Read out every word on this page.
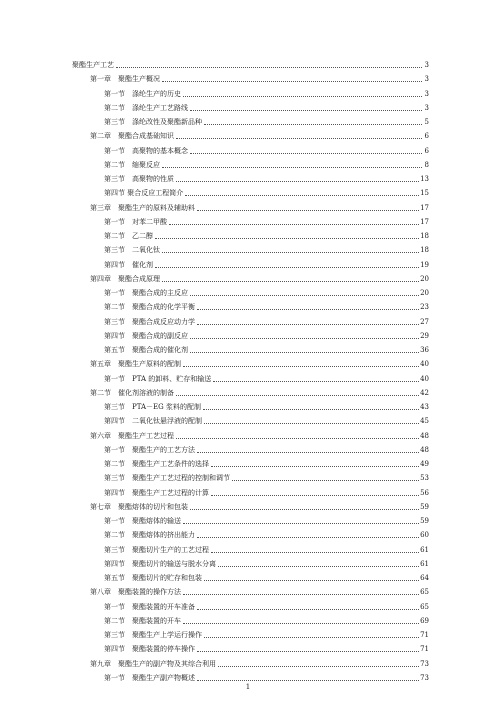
聚酯生产工艺	3
第一章　聚酯生产概况	3
第一节　涤纶生产的历史	3
第二节　涤纶生产工艺路线	3
第三节　涤纶改性及聚酯新品种	5
第二章　聚酯合成基础知识	6
第一节　高聚物的基本概念	6
第二节　缩聚反应	8
第三节　高聚物的性质	13
第四节 聚合反应工程简介	15
第三章　聚酯生产的原料及辅助料	17
第一节　对苯二甲酸	17
第二节　乙二醇	18
第三节　二氧化钛	18
第四节　催化剂	19
第四章　聚酯合成原理	20
第一节　聚酯合成的主反应	20
第二节　聚酯合成的化学平衡	23
第三节　聚酯合成反应动力学	27
第四节　聚酯合成的副反应	29
第五节　聚酯合成的催化剂	36
第五章　聚酯生产原料的配制	40
第一节　PTA 的卸料、贮存和输送	40
第二节　催化剂溶液的制备	42
第三节　PTA－EG 浆料的配制	43
第四节　二氧化钛悬浮液的配制	45
第六章　聚酯生产工艺过程	48
第一节　聚酯生产的工艺方法	48
第二节　聚酯生产工艺条件的选择	49
第三节　聚酯生产工艺过程的控制和调节	53
第四节　聚酯生产工艺过程的计算	56
第七章　聚酯熔体的切片和包装	59
第一节　聚酯熔体的输送	59
第二节　聚酯熔体的挤出能力	60
第三节　聚酯切片生产的工艺过程	61
第四节　聚酯切片的输送与脱水分离	61
第五节　聚酯切片的贮存和包装	64
第八章　聚酯装置的操作方法	65
第一节　聚酯装置的开车准备	65
第二节　聚酯装置的开车	69
第三节　聚酯生产上学运行操作	71
第四节　聚酯装置的停车操作	71
第九章　聚酯生产的副产物及其综合利用	73
第一节　聚酯生产副产物概述	73
1
